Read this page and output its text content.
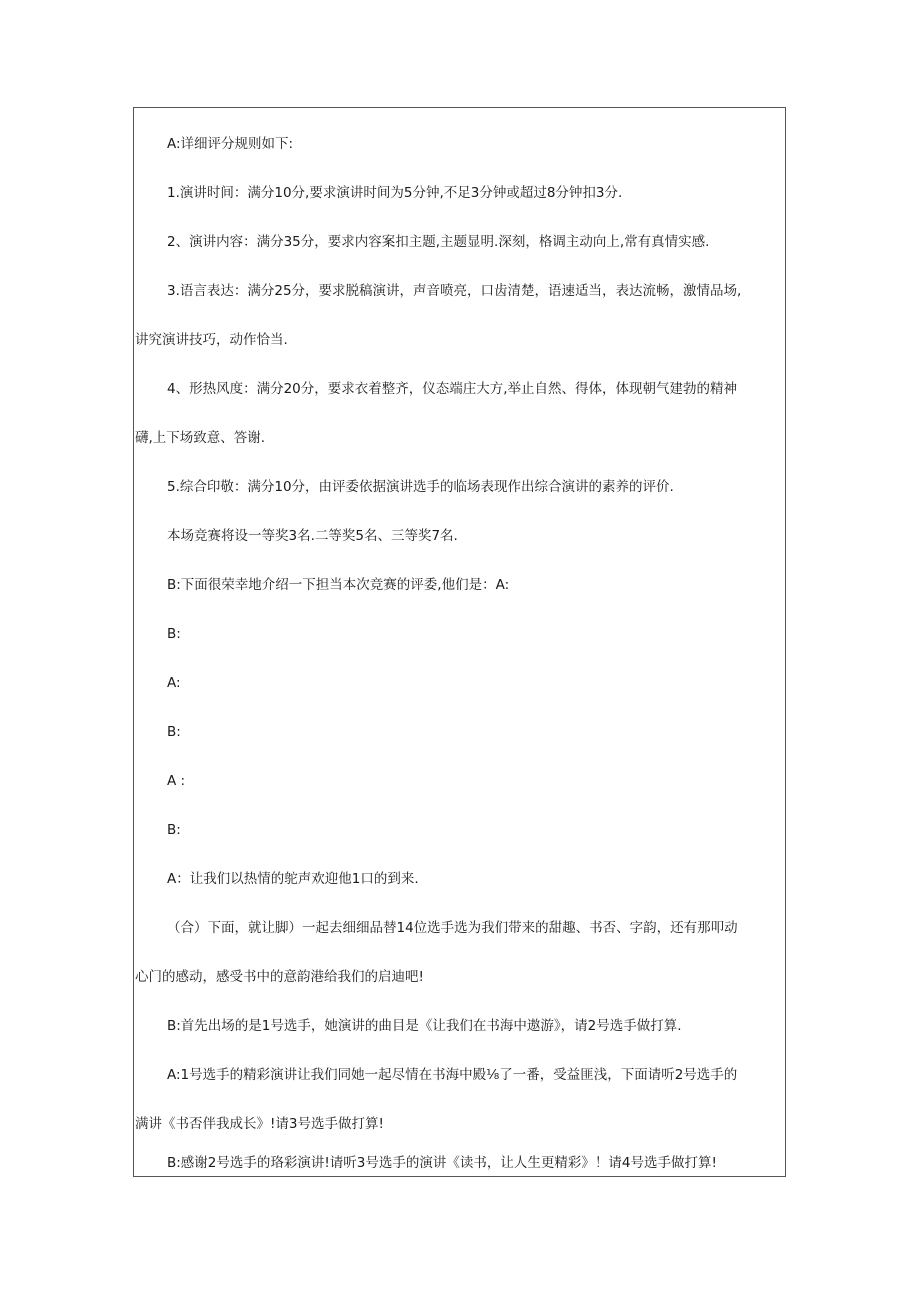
A:详细评分规则如下:
1.演讲时间：满分10分,要求演讲时间为5分钟,不足3分钟或超过8分钟扣3分.
2、演讲内容：满分35分，要求内容案扣主题,主题显明.深刻，格调主动向上,常有真情实感.
3.语言表达：满分25分，要求脱稿演讲，声音喷亮，口齿清楚，语速适当，表达流畅，激情品场,
讲究演讲技巧，动作恰当.
4、形热风度：满分20分，要求衣着整齐，仪态端庄大方,举止自然、得体，体现朝气建勃的精神
礴,上下场致意、答谢.
5.综合印敬：满分10分，由评委依据演讲选手的临场表现作出综合演讲的素养的评价.
本场竞赛将设一等奖3名.二等奖5名、三等奖7名.
B:下面很荣幸地介绍一下担当本次竞赛的评委,他们是：A:
B:
A:
B:
A :
B:
A：让我们以热情的鸵声欢迎他1口的到来.
（合）下面，就让脚）一起去细细品替14位选手选为我们带来的甜趣、书否、字韵，还有那叩动
心门的感动，感受书中的意韵港给我们的启迪吧!
B:首先出场的是1号选手，她演讲的曲目是《让我们在书海中遨游》，请2号选手做打算.
A:1号选手的精彩演讲让我们同她一起尽情在书海中殿⅛了一番，受益匪浅，下面请听2号选手的
满讲《书否伴我成长》!请3号选手做打算!
B:感谢2号选手的珞彩演讲!请听3号选手的演讲《读书，让人生更精彩》！请4号选手做打算!
